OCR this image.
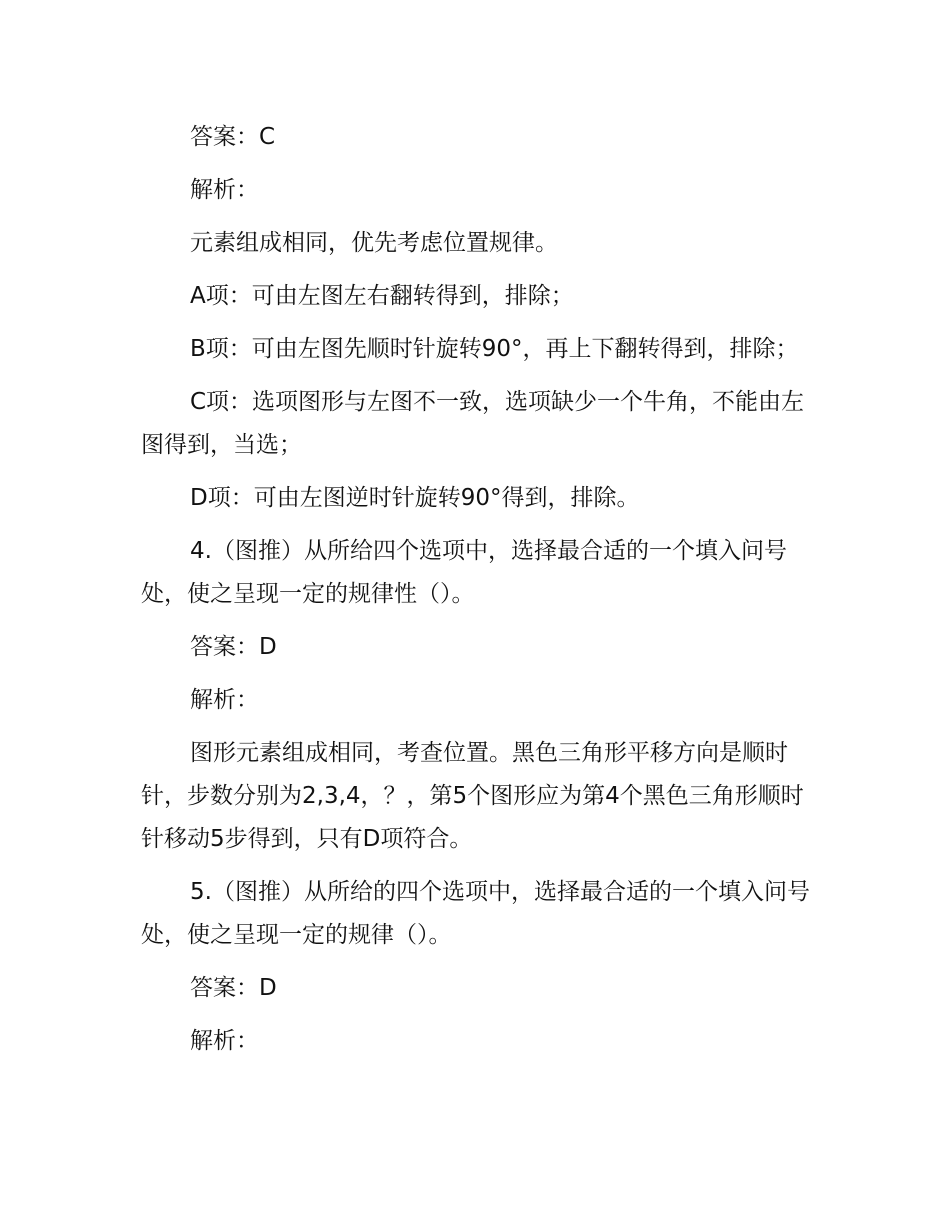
答案：C

解析：

元素组成相同，优先考虑位置规律。

A项：可由左图左右翻转得到，排除；

B项：可由左图先顺时针旋转90°，再上下翻转得到，排除；

C项：选项图形与左图不一致，选项缺少一个牛角，不能由左图得到，当选；

D项：可由左图逆时针旋转90°得到，排除。

4.（图推）从所给四个选项中，选择最合适的一个填入问号处，使之呈现一定的规律性（）。

答案：D

解析：

图形元素组成相同，考查位置。黑色三角形平移方向是顺时针，步数分别为2,3,4，？，第5个图形应为第4个黑色三角形顺时针移动5步得到，只有D项符合。

5.（图推）从所给的四个选项中，选择最合适的一个填入问号处，使之呈现一定的规律（）。

答案：D

解析：
